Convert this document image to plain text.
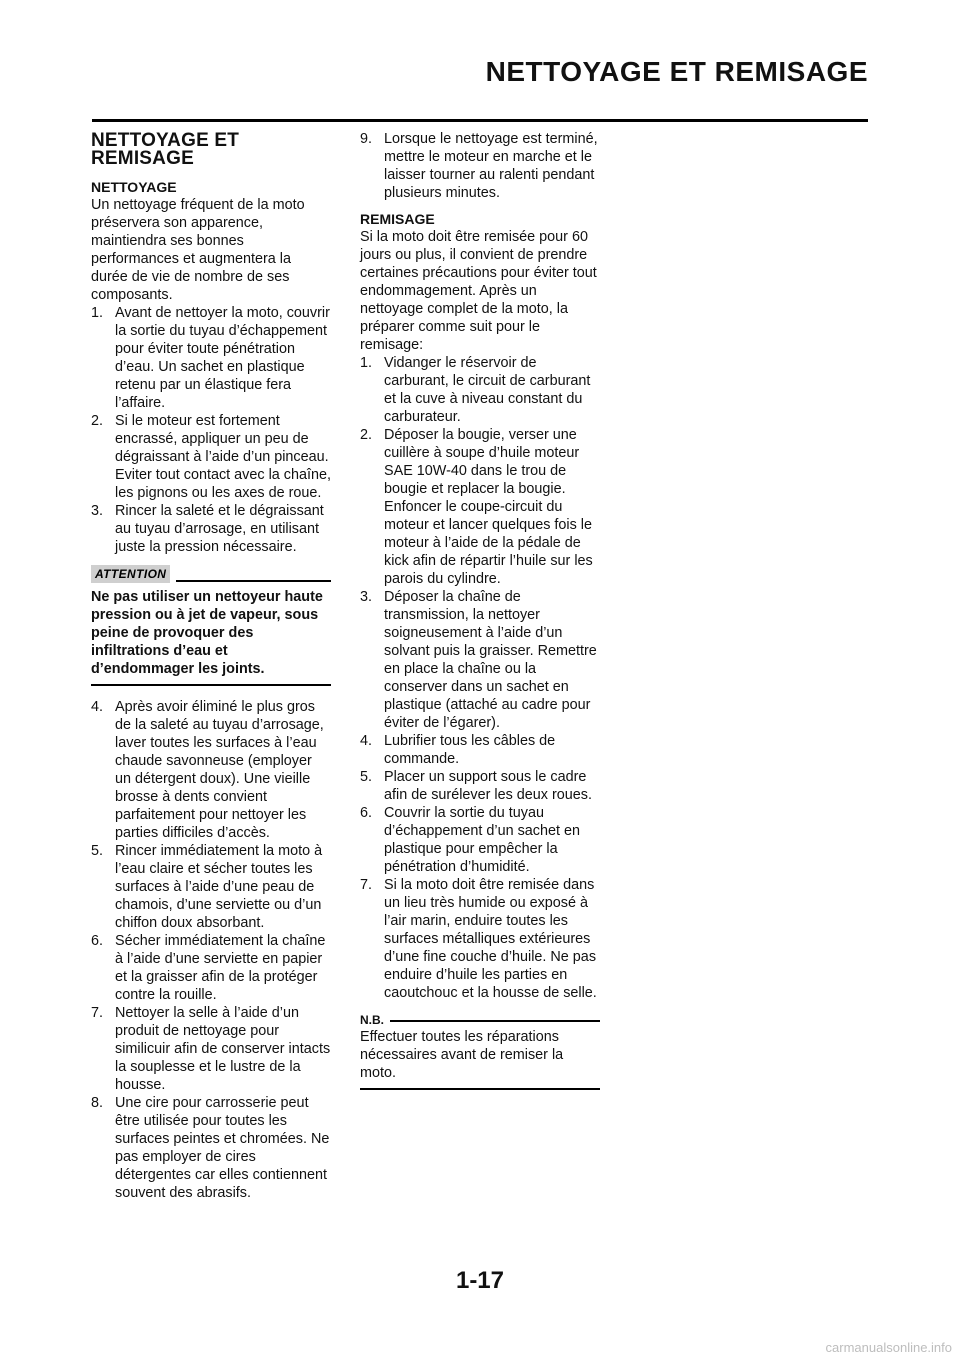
NETTOYAGE ET REMISAGE
NETTOYAGE ET REMISAGE
NETTOYAGE

Un nettoyage fréquent de la moto préservera son apparence, maintiendra ses bonnes performances et augmentera la durée de vie de nombre de ses composants.

1. Avant de nettoyer la moto, couvrir la sortie du tuyau d’échappement pour éviter toute pénétration d’eau. Un sachet en plastique retenu par un élastique fera l’affaire.
2. Si le moteur est fortement encrassé, appliquer un peu de dégraissant à l’aide d’un pinceau. Eviter tout contact avec la chaîne, les pignons ou les axes de roue.
3. Rincer la saleté et le dégraissant au tuyau d’arrosage, en utilisant juste la pression nécessaire.
ATTENTION
Ne pas utiliser un nettoyeur haute pression ou à jet de vapeur, sous peine de provoquer des infiltrations d’eau et d’endommager les joints.
4. Après avoir éliminé le plus gros de la saleté au tuyau d’arrosage, laver toutes les surfaces à l’eau chaude savonneuse (employer un détergent doux). Une vieille brosse à dents convient parfaitement pour nettoyer les parties difficiles d’accès.
5. Rincer immédiatement la moto à l’eau claire et sécher toutes les surfaces à l’aide d’une peau de chamois, d’une serviette ou d’un chiffon doux absorbant.
6. Sécher immédiatement la chaîne à l’aide d’une serviette en papier et la graisser afin de la protéger contre la rouille.
7. Nettoyer la selle à l’aide d’un produit de nettoyage pour similicuir afin de conserver intacts la souplesse et le lustre de la housse.
8. Une cire pour carrosserie peut être utilisée pour toutes les surfaces peintes et chromées. Ne pas employer de cires détergentes car elles contiennent souvent des abrasifs.
9. Lorsque le nettoyage est terminé, mettre le moteur en marche et le laisser tourner au ralenti pendant plusieurs minutes.
REMISAGE

Si la moto doit être remisée pour 60 jours ou plus, il convient de prendre certaines précautions pour éviter tout endommagement. Après un nettoyage complet de la moto, la préparer comme suit pour le remisage:

1. Vidanger le réservoir de carburant, le circuit de carburant et la cuve à niveau constant du carburateur.
2. Déposer la bougie, verser une cuillère à soupe d’huile moteur SAE 10W-40 dans le trou de bougie et replacer la bougie. Enfoncer le coupe-circuit du moteur et lancer quelques fois le moteur à l’aide de la pédale de kick afin de répartir l’huile sur les parois du cylindre.
3. Déposer la chaîne de transmission, la nettoyer soigneusement à l’aide d’un solvant puis la graisser. Remettre en place la chaîne ou la conserver dans un sachet en plastique (attaché au cadre pour éviter de l’égarer).
4. Lubrifier tous les câbles de commande.
5. Placer un support sous le cadre afin de surélever les deux roues.
6. Couvrir la sortie du tuyau d’échappement d’un sachet en plastique pour empêcher la pénétration d’humidité.
7. Si la moto doit être remisée dans un lieu très humide ou exposé à l’air marin, enduire toutes les surfaces métalliques extérieures d’une fine couche d’huile. Ne pas enduire d’huile les parties en caoutchouc et la housse de selle.
N.B.
Effectuer toutes les réparations nécessaires avant de remiser la moto.
1-17
carmanualsonline.info
